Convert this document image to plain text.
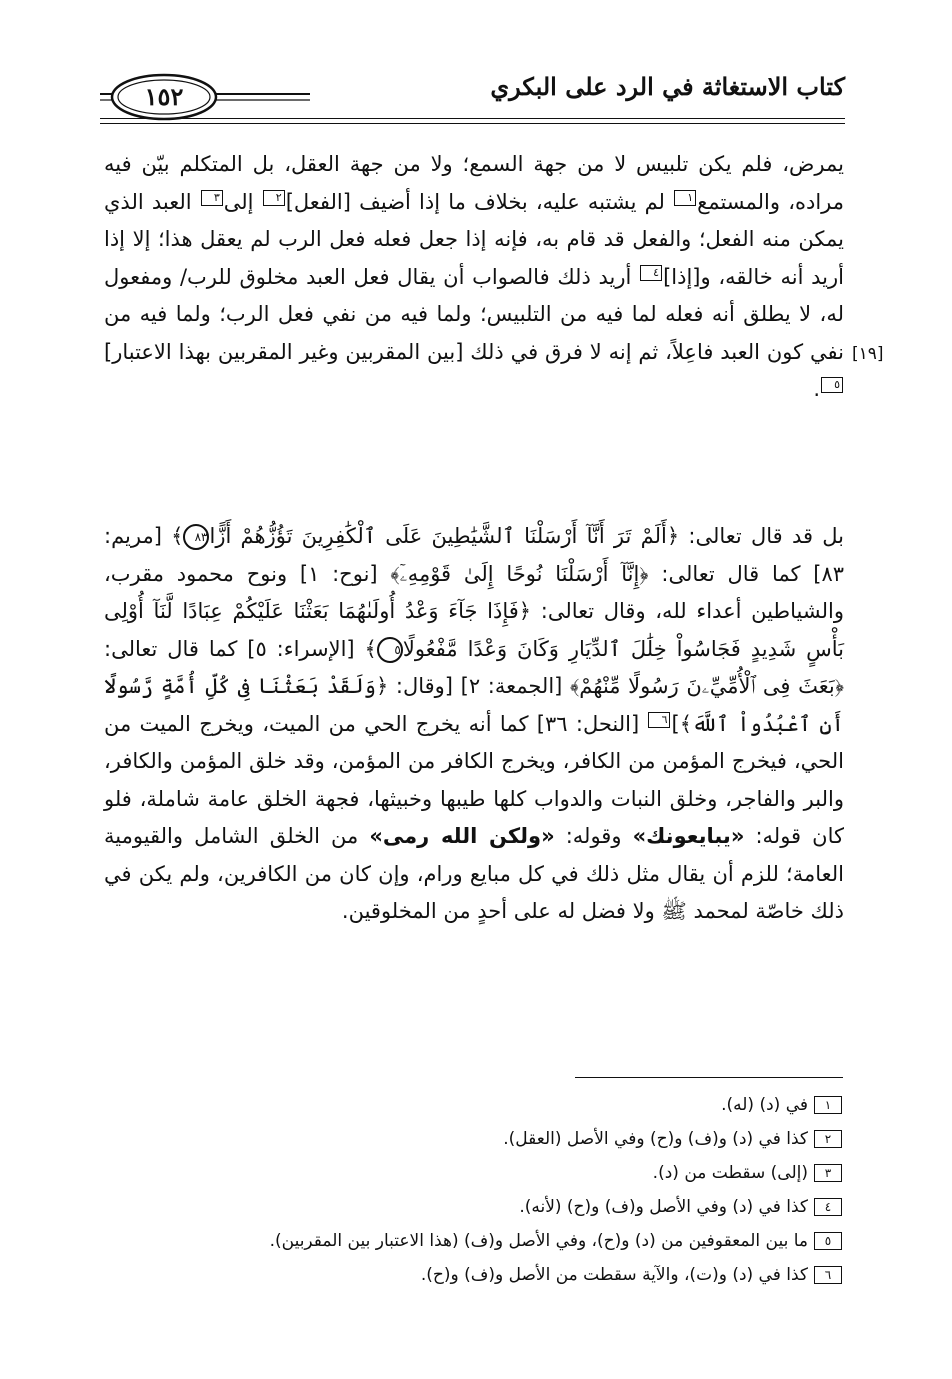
١٥٢	كتاب الاستغاثة في الرد على البكري
[١٩]
يمرض، فلم يكن تلبيس لا من جهة السمع؛ ولا من جهة العقل، بل المتكلم بيّن فيه مراده، والمستمع١ لم يشتبه عليه، بخلاف ما إذا أضيف [الفعل]٢ إلى٣ العبد الذي يمكن منه الفعل؛ والفعل قد قام به، فإنه إذا جعل فعله فعل الرب لم يعقل هذا؛ إلا إذا أريد أنه خالقه، و[إذا]٤ أريد ذلك فالصواب أن يقال فعل العبد مخلوق للرب/ ومفعول له، لا يطلق أنه فعله لما فيه من التلبيس؛ ولما فيه من نفي فعل الرب؛ ولما فيه من نفي كون العبد فاعِلاً، ثم إنه لا فرق في ذلك [بين المقربين وغير المقربين بهذا الاعتبار]٥.
بل قد قال تعالى: ﴿أَلَمْ تَرَ أَنَّآ أَرْسَلْنَا ٱلشَّيَٰطِينَ عَلَى ٱلْكَٰفِرِينَ تَؤُزُّهُمْ أَزًّا٨٣﴾ [مريم: ٨٣] كما قال تعالى: ﴿إِنَّآ أَرْسَلْنَا نُوحًا إِلَىٰ قَوْمِهِۦٓ﴾ [نوح: ١] ونوح محمود مقرب، والشياطين أعداء لله، وقال تعالى: ﴿فَإِذَا جَآءَ وَعْدُ أُولَىٰهُمَا بَعَثْنَا عَلَيْكُمْ عِبَادًا لَّنَآ أُوْلِى بَأْسٍ شَدِيدٍ فَجَاسُواْ خِلَٰلَ ٱلدِّيَارِ وَكَانَ وَعْدًا مَّفْعُولًا٥﴾ [الإسراء: ٥] كما قال تعالى: ﴿بَعَثَ فِى ٱلْأُمِّيِّۦنَ رَسُولًا مِّنْهُمْ﴾ [الجمعة: ٢] [وقال: ﴿وَلَقَدْ بَعَثْنَا فِى كُلِّ أُمَّةٍ رَّسُولًا أَنِ ٱعْبُدُواْ ٱللَّهَ﴾]٦ [النحل: ٣٦] كما أنه يخرج الحي من الميت، ويخرج الميت من الحي، فيخرج المؤمن من الكافر، ويخرج الكافر من المؤمن، وقد خلق المؤمن والكافر، والبر والفاجر، وخلق النبات والدواب كلها طيبها وخبيثها، فجهة الخلق عامة شاملة، فلو كان قوله: «يبايعونك» وقوله: «ولكن الله رمى» من الخلق الشامل والقيومية العامة؛ للزم أن يقال مثل ذلك في كل مبايع ورام، وإن كان من الكافرين، ولم يكن في ذلك خاصّة لمحمد ﷺ ولا فضل له على أحدٍ من المخلوقين.
١في (د) (له).
٢كذا في (د) و(ف) و(ح) وفي الأصل (العقل).
٣(إلى) سقطت من (د).
٤كذا في (د) وفي الأصل و(ف) و(ح) (لأنه).
٥ما بين المعقوفين من (د) و(ح)، وفي الأصل و(ف) (هذا الاعتبار بين المقربين).
٦كذا في (د) و(ت)، والآية سقطت من الأصل و(ف) و(ح).
